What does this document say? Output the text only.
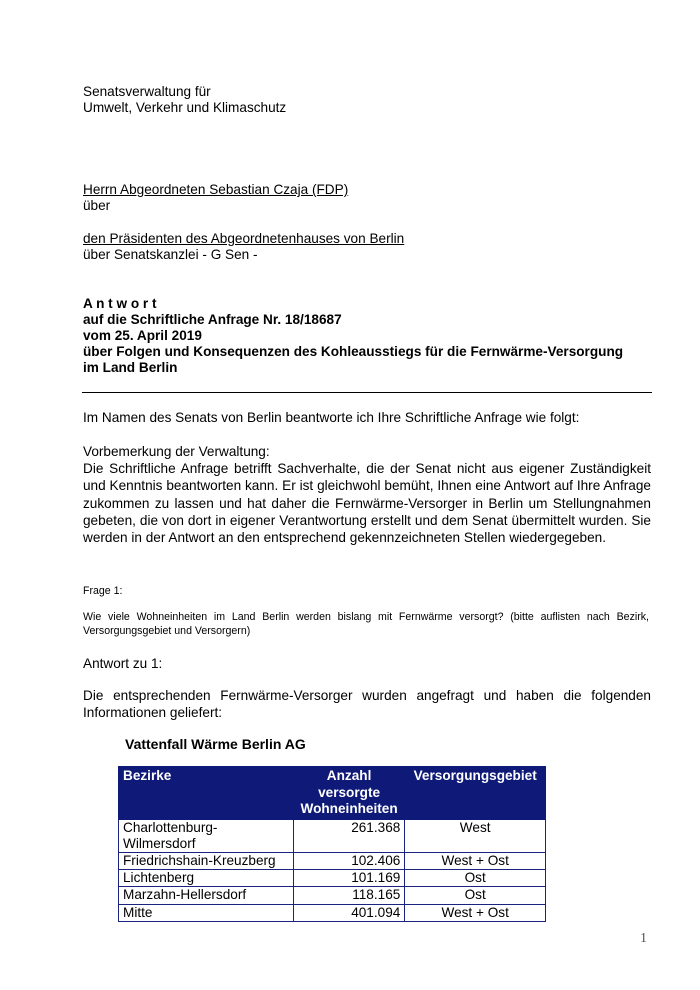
Senatsverwaltung für
Umwelt, Verkehr und Klimaschutz
Herrn Abgeordneten Sebastian Czaja (FDP)
über
den Präsidenten des Abgeordnetenhauses von Berlin
über Senatskanzlei - G Sen -
A n t w o r t
auf die Schriftliche Anfrage Nr. 18/18687
vom 25. April 2019
über Folgen und Konsequenzen des Kohleausstiegs für die Fernwärme-Versorgung
im Land Berlin
Im Namen des Senats von Berlin beantworte ich Ihre Schriftliche Anfrage wie folgt:
Vorbemerkung der Verwaltung:
Die Schriftliche Anfrage betrifft Sachverhalte, die der Senat nicht aus eigener Zuständigkeit und Kenntnis beantworten kann. Er ist gleichwohl bemüht, Ihnen eine Antwort auf Ihre Anfrage zukommen zu lassen und hat daher die Fernwärme-Versorger in Berlin um Stellungnahmen gebeten, die von dort in eigener Verantwortung erstellt und dem Senat übermittelt wurden. Sie werden in der Antwort an den entsprechend gekennzeichneten Stellen wiedergegeben.
Frage 1:
Wie viele Wohneinheiten im Land Berlin werden bislang mit Fernwärme versorgt? (bitte auflisten nach Bezirk, Versorgungsgebiet und Versorgern)
Antwort zu 1:
Die entsprechenden Fernwärme-Versorger wurden angefragt und haben die folgenden Informationen geliefert:
Vattenfall Wärme Berlin AG
Bezirke	Anzahl versorgte Wohneinheiten	Versorgungsgebiet
Charlottenburg-Wilmersdorf	261.368	West
Friedrichshain-Kreuzberg	102.406	West + Ost
Lichtenberg	101.169	Ost
Marzahn-Hellersdorf	118.165	Ost
Mitte	401.094	West + Ost
1
